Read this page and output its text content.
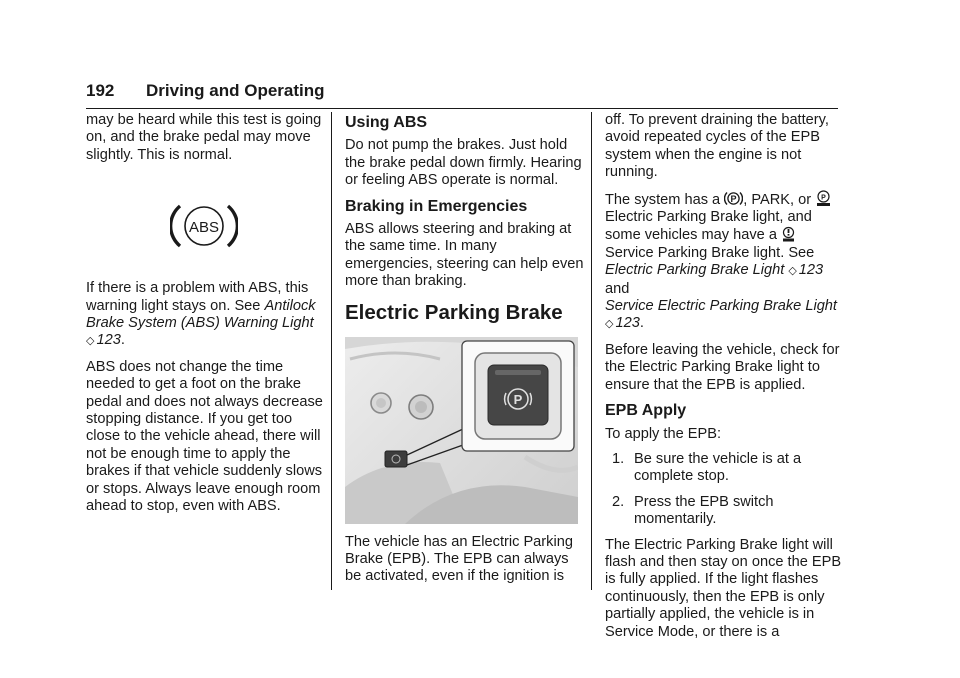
192 Driving and Operating

may be heard while this test is going on, and the brake pedal may move slightly. This is normal.

ABS

If there is a problem with ABS, this warning light stays on. See Antilock Brake System (ABS) Warning Light ◇ 123.

ABS does not change the time needed to get a foot on the brake pedal and does not always decrease stopping distance. If you get too close to the vehicle ahead, there will not be enough time to apply the brakes if that vehicle suddenly slows or stops. Always leave enough room ahead to stop, even with ABS.

Using ABS

Do not pump the brakes. Just hold the brake pedal down firmly. Hearing or feeling ABS operate is normal.

Braking in Emergencies

ABS allows steering and braking at the same time. In many emergencies, steering can help even more than braking.

Electric Parking Brake
P

The vehicle has an Electric Parking Brake (EPB). The EPB can always be activated, even if the ignition is

off. To prevent draining the battery, avoid repeated cycles of the EPB system when the engine is not running.

The system has a P , PARK, or P
Electric Parking Brake light, and some vehicles may have a  Service Parking Brake light. See Electric Parking Brake Light ◇ 123
and
Service Electric Parking Brake Light
◇ 123.

Before leaving the vehicle, check for the Electric Parking Brake light to ensure that the EPB is applied.

EPB Apply

To apply the EPB:

1. Be sure the vehicle is at a complete stop.
2. Press the EPB switch momentarily.

The Electric Parking Brake light will flash and then stay on once the EPB is fully applied. If the light flashes continuously, then the EPB is only partially applied, the vehicle is in Service Mode, or there is a
